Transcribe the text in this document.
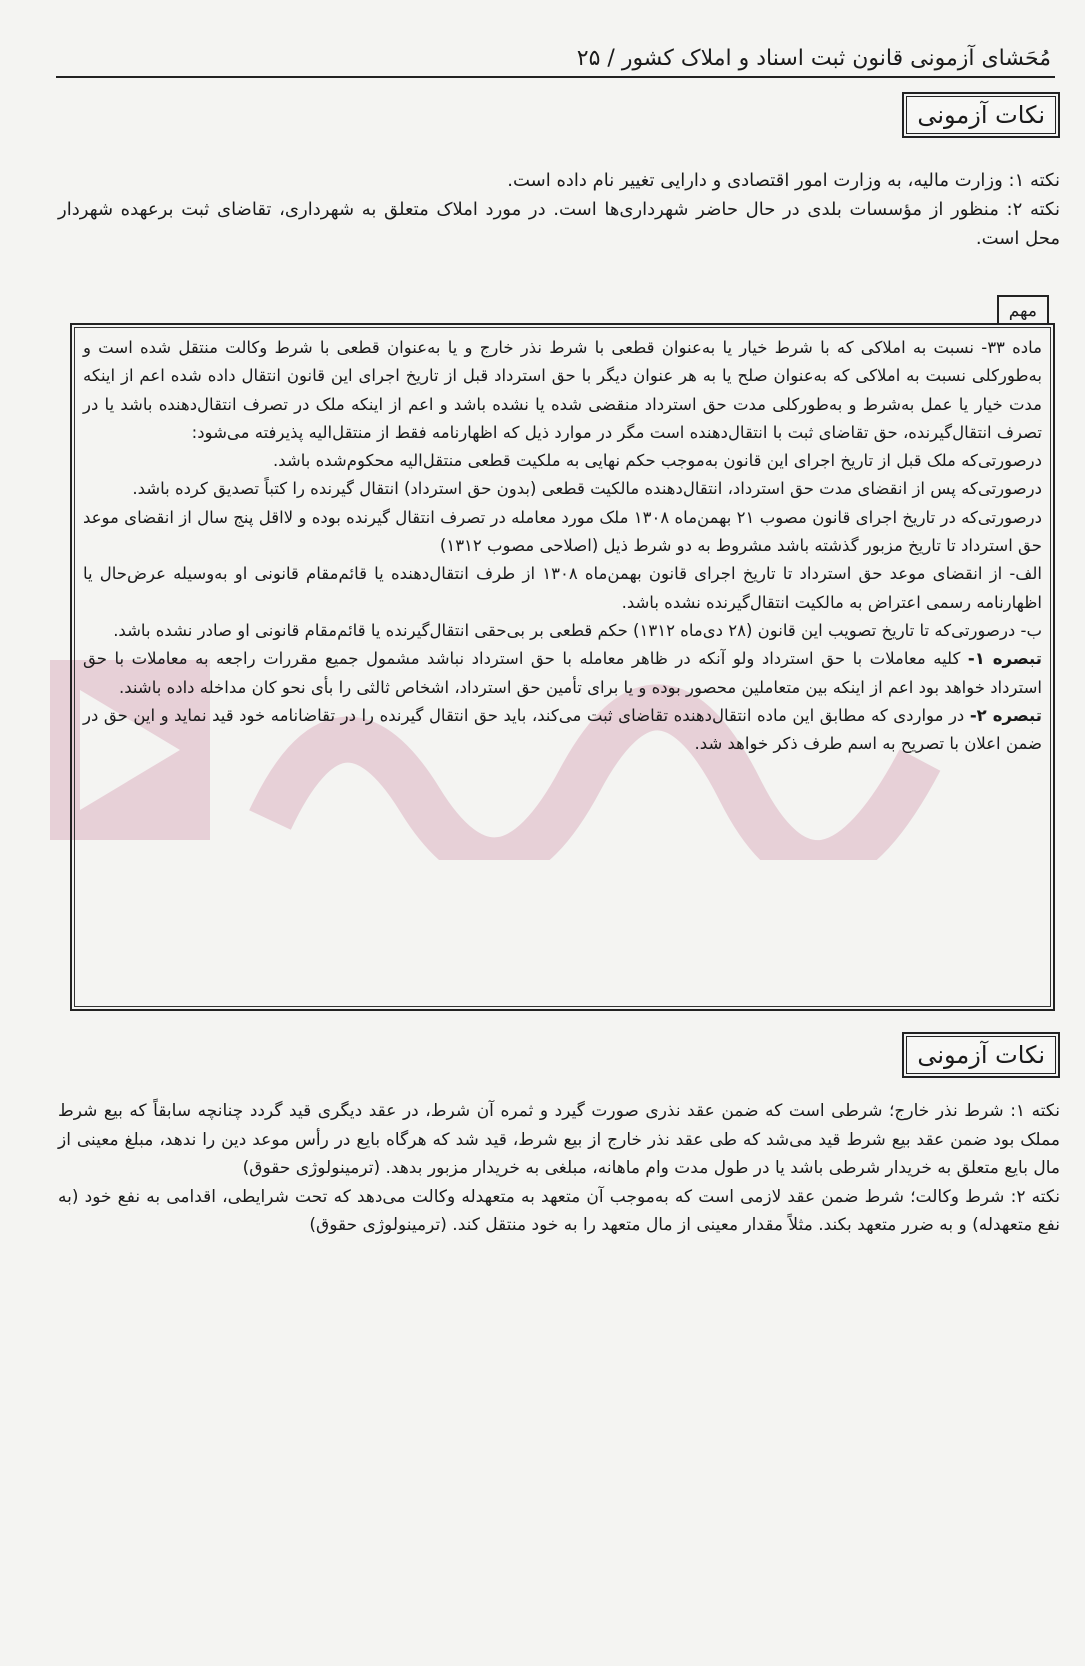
مُحَشای آزمونی قانون ثبت اسناد و املاک کشور / ۲۵
نکات آزمونی

نکته ۱: وزارت مالیه، به وزارت امور اقتصادی و دارایی تغییر نام داده است.

نکته ۲: منظور از مؤسسات بلدی در حال حاضر شهرداری‌ها است. در مورد املاک متعلق به شهرداری، تقاضای ثبت برعهده شهردار محل است.

مهم

ماده ۳۳- نسبت به املاکی که با شرط خیار یا به‌عنوان قطعی با شرط نذر خارج و یا به‌عنوان قطعی با شرط وکالت منتقل شده است و به‌طورکلی نسبت به املاکی که به‌عنوان صلح یا به هر عنوان دیگر با حق استرداد قبل از تاریخ اجرای این قانون انتقال داده شده اعم از اینکه مدت خیار یا عمل به‌شرط و به‌طورکلی مدت حق استرداد منقضی شده یا نشده باشد و اعم از اینکه ملک در تصرف انتقال‌دهنده باشد یا در تصرف انتقال‌گیرنده، حق تقاضای ثبت با انتقال‌دهنده است مگر در موارد ذیل که اظهارنامه فقط از منتقل‌الیه پذیرفته می‌شود:

درصورتی‌که ملک قبل از تاریخ اجرای این قانون به‌موجب حکم نهایی به ملکیت قطعی منتقل‌الیه محکوم‌شده باشد.

درصورتی‌که پس از انقضای مدت حق استرداد، انتقال‌دهنده مالکیت قطعی (بدون حق استرداد) انتقال گیرنده را کتباً تصدیق کرده باشد.

درصورتی‌که در تاریخ اجرای قانون مصوب ۲۱ بهمن‌ماه ۱۳۰۸ ملک مورد معامله در تصرف انتقال گیرنده بوده و لااقل پنج سال از انقضای موعد حق استرداد تا تاریخ مزبور گذشته باشد مشروط به دو شرط ذیل (اصلاحی مصوب ۱۳۱۲)

الف- از انقضای موعد حق استرداد تا تاریخ اجرای قانون بهمن‌ماه ۱۳۰۸ از طرف انتقال‌دهنده یا قائم‌مقام قانونی او به‌وسیله عرض‌حال یا اظهارنامه رسمی اعتراض به مالکیت انتقال‌گیرنده نشده باشد.

ب- درصورتی‌که تا تاریخ تصویب این قانون (۲۸ دی‌ماه ۱۳۱۲) حکم قطعی بر بی‌حقی انتقال‌گیرنده یا قائم‌مقام قانونی او صادر نشده باشد.

تبصره ۱- کلیه معاملات با حق استرداد ولو آنکه در ظاهر معامله با حق استرداد نباشد مشمول جمیع مقررات راجعه به معاملات با حق استرداد خواهد بود اعم از اینکه بین متعاملین محصور بوده و یا برای تأمین حق استرداد، اشخاص ثالثی را بأی نحو کان مداخله داده باشند.

تبصره ۲- در مواردی که مطابق این ماده انتقال‌دهنده تقاضای ثبت می‌کند، باید حق انتقال گیرنده را در تقاضانامه خود قید نماید و این حق در ضمن اعلان با تصریح به اسم طرف ذکر خواهد شد.

نکات آزمونی

نکته ۱: شرط نذر خارج؛ شرطی است که ضمن عقد نذری صورت گیرد و ثمره آن شرط، در عقد دیگری قید گردد چنانچه سابقاً که بیع شرط مملک بود ضمن عقد بیع شرط قید می‌شد که طی عقد نذر خارج از بیع شرط، قید شد که هرگاه بایع در رأس موعد دین را ندهد، مبلغ معینی از مال بایع متعلق به خریدار شرطی باشد یا در طول مدت وام ماهانه، مبلغی به خریدار مزبور بدهد. (ترمینولوژی حقوق)

نکته ۲: شرط وکالت؛ شرط ضمن عقد لازمی است که به‌موجب آن متعهد به متعهدله وکالت می‌دهد که تحت شرایطی، اقدامی به نفع خود (به نفع متعهدله) و به ضرر متعهد بکند. مثلاً مقدار معینی از مال متعهد را به خود منتقل کند. (ترمینولوژی حقوق)
